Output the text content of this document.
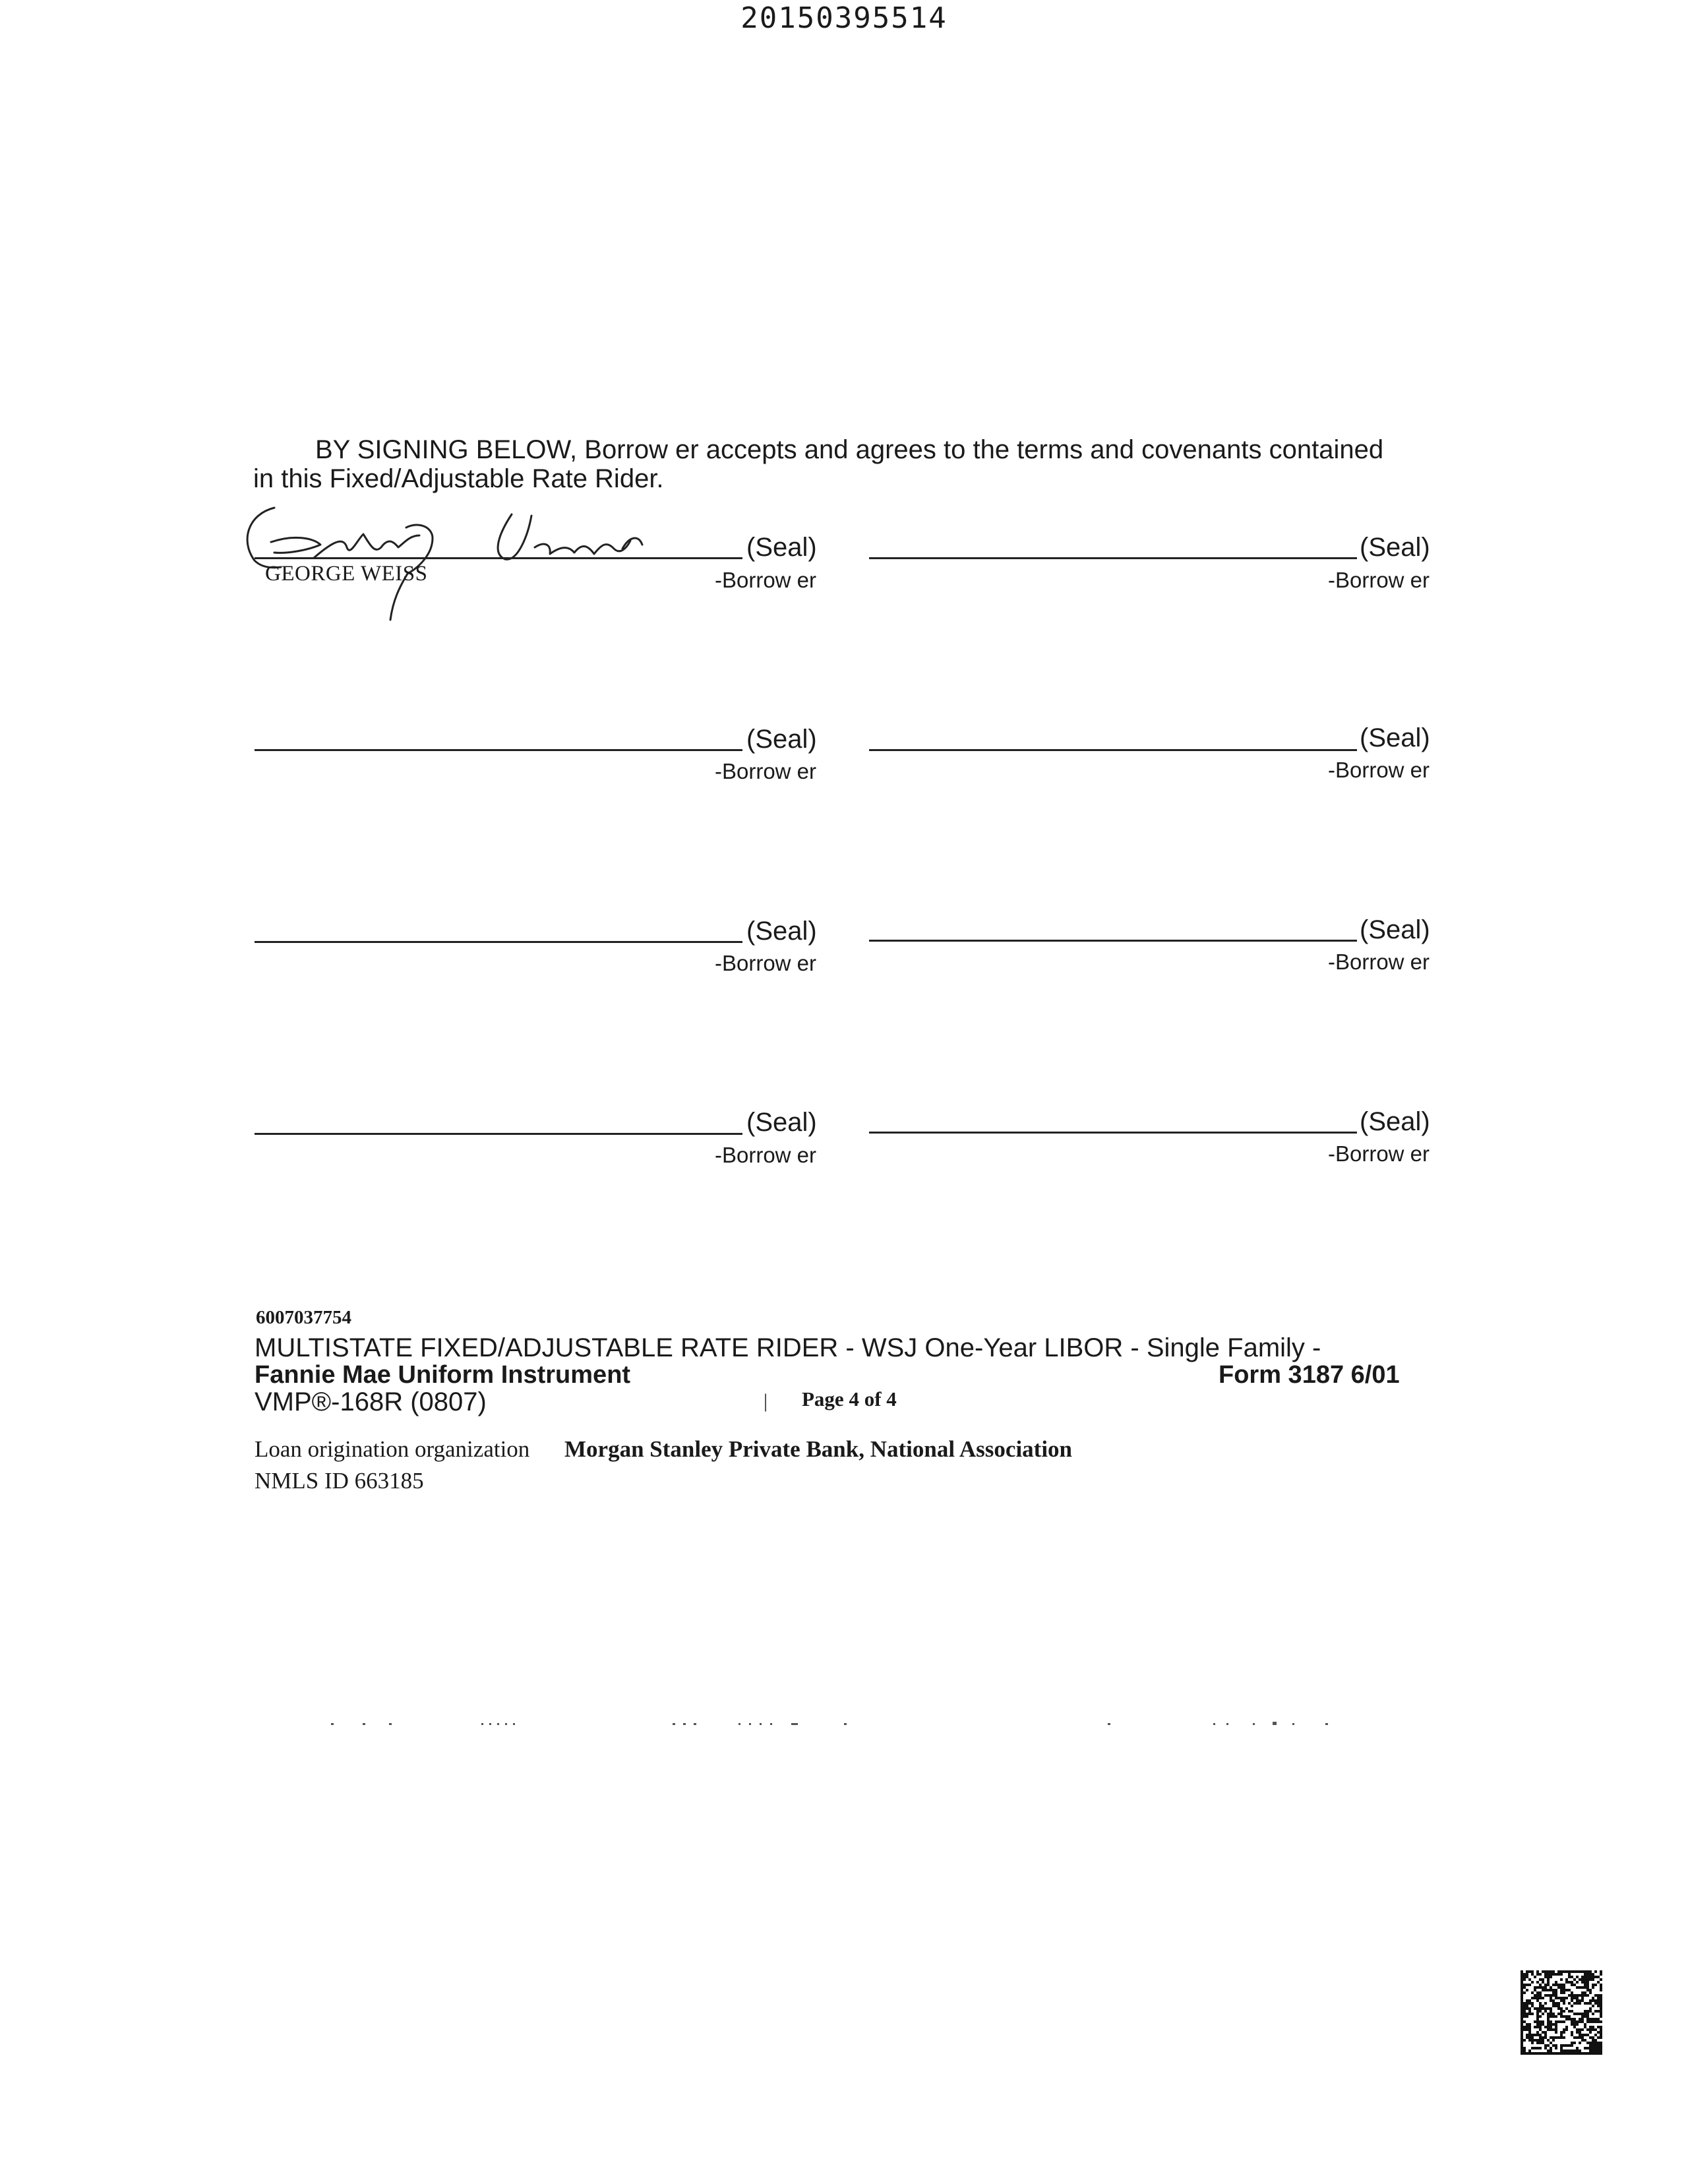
20150395514
BY SIGNING BELOW, Borrow er accepts and agrees to the terms and covenants contained
in this Fixed/Adjustable Rate Rider.
GEORGE WEISS
(Seal)
-Borrow er
(Seal)
-Borrow er
(Seal)
-Borrow er
(Seal)
-Borrow er
(Seal)
-Borrow er
(Seal)
-Borrow er
(Seal)
-Borrow er
(Seal)
-Borrow er
6007037754
MULTISTATE FIXED/ADJUSTABLE RATE RIDER - WSJ One-Year LIBOR - Single Family -
Fannie Mae Uniform Instrument	Form 3187 6/01
VMP®-168R (0807)	| Page 4 of 4
Loan origination organization Morgan Stanley Private Bank, National Association
NMLS ID 663185
